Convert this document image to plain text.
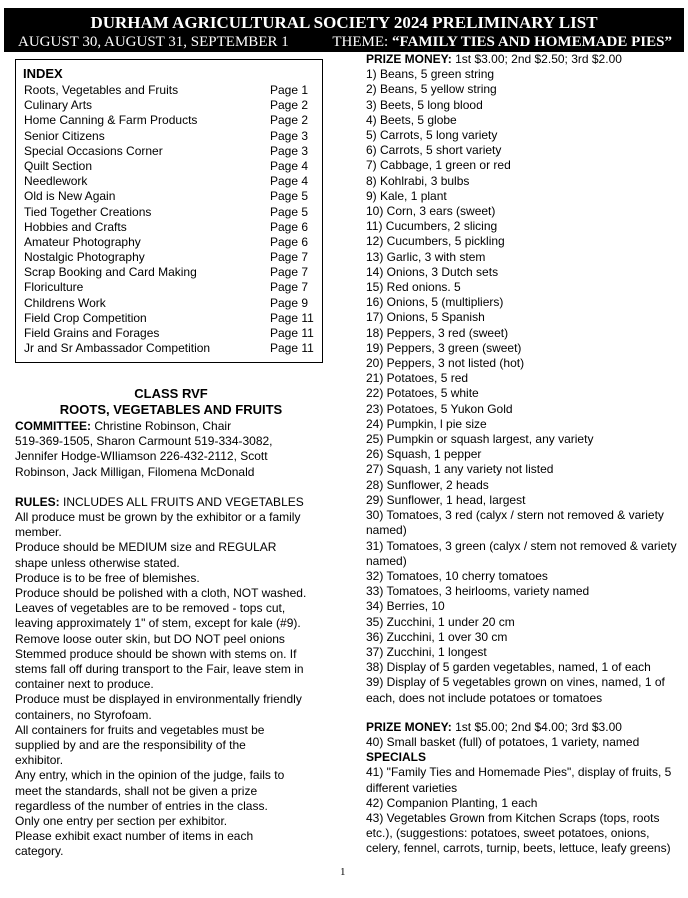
DURHAM AGRICULTURAL SOCIETY 2024 PRELIMINARY LIST
AUGUST 30, AUGUST 31, SEPTEMBER 1	THEME: “FAMILY TIES AND HOMEMADE PIES”
INDEX
Roots, Vegetables and Fruits	Page 1
Culinary Arts	Page 2
Home Canning & Farm Products	Page 2
Senior Citizens	Page 3
Special Occasions Corner	Page 3
Quilt Section	Page 4
Needlework	Page 4
Old is New Again	Page 5
Tied Together Creations	Page 5
Hobbies and Crafts	Page 6
Amateur Photography	Page 6
Nostalgic Photography	Page 7
Scrap Booking and Card Making	Page 7
Floriculture	Page 7
Childrens Work	Page 9
Field Crop Competition	Page 11
Field Grains and Forages	Page 11
Jr and Sr Ambassador Competition	Page 11
CLASS RVF
ROOTS, VEGETABLES AND FRUITS

COMMITTEE: Christine Robinson, Chair

519-369-1505, Sharon Carmount 519-334-3082,

Jennifer Hodge-WIliamson 226-432-2112, Scott

Robinson, Jack Milligan, Filomena McDonald

RULES: INCLUDES ALL FRUITS AND VEGETABLES

All produce must be grown by the exhibitor or a family

member.

Produce should be MEDIUM size and REGULAR

shape unless otherwise stated.

Produce is to be free of blemishes.

Produce should be polished with a cloth, NOT washed.

Leaves of vegetables are to be removed - tops cut,

leaving approximately 1" of stem, except for kale (#9).

Remove loose outer skin, but DO NOT peel onions

Stemmed produce should be shown with stems on. If

stems fall off during transport to the Fair, leave stem in

container next to produce.

Produce must be displayed in environmentally friendly

containers, no Styrofoam.

All containers for fruits and vegetables must be

supplied by and are the responsibility of the

exhibitor.

Any entry, which in the opinion of the judge, fails to

meet the standards, shall not be given a prize

regardless of the number of entries in the class.

Only one entry per section per exhibitor.

Please exhibit exact number of items in each

category.

PRIZE MONEY: 1st $3.00; 2nd $2.50; 3rd $2.00

1) Beans, 5 green string
2) Beans, 5 yellow string
3) Beets, 5 long blood
4) Beets, 5 globe
5) Carrots, 5 long variety
6) Carrots, 5 short variety
7) Cabbage, 1 green or red
8) Kohlrabi, 3 bulbs
9) Kale, 1 plant
10) Corn, 3 ears (sweet)
11) Cucumbers, 2 slicing
12) Cucumbers, 5 pickling
13) Garlic, 3 with stem
14) Onions, 3 Dutch sets
15) Red onions. 5
16) Onions, 5 (multipliers)
17) Onions, 5 Spanish
18) Peppers, 3 red (sweet)
19) Peppers, 3 green (sweet)
20) Peppers, 3 not listed (hot)
21) Potatoes, 5 red
22) Potatoes, 5 white
23) Potatoes, 5 Yukon Gold
24) Pumpkin, l pie size
25) Pumpkin or squash largest, any variety
26) Squash, 1 pepper
27) Squash, 1 any variety not listed
28) Sunflower, 2 heads
29) Sunflower, 1 head, largest
30) Tomatoes, 3 red (calyx / stern not removed & variety named)
31) Tomatoes, 3 green (calyx / stem not removed & variety named)
32) Tomatoes, 10 cherry tomatoes
33) Tomatoes, 3 heirlooms, variety named
34) Berries, 10
35) Zucchini, 1 under 20 cm
36) Zucchini, 1 over 30 cm
37) Zucchini, 1 longest
38) Display of 5 garden vegetables, named, 1 of each
39) Display of 5 vegetables grown on vines, named, 1 of each, does not include potatoes or tomatoes

PRIZE MONEY: 1st $5.00; 2nd $4.00; 3rd $3.00

40) Small basket (full) of potatoes, 1 variety, named

SPECIALS

41) "Family Ties and Homemade Pies", display of fruits, 5 different varieties
42) Companion Planting, 1 each
43) Vegetables Grown from Kitchen Scraps (tops, roots etc.), (suggestions: potatoes, sweet potatoes, onions, celery, fennel, carrots, turnip, beets, lettuce, leafy greens)
1
